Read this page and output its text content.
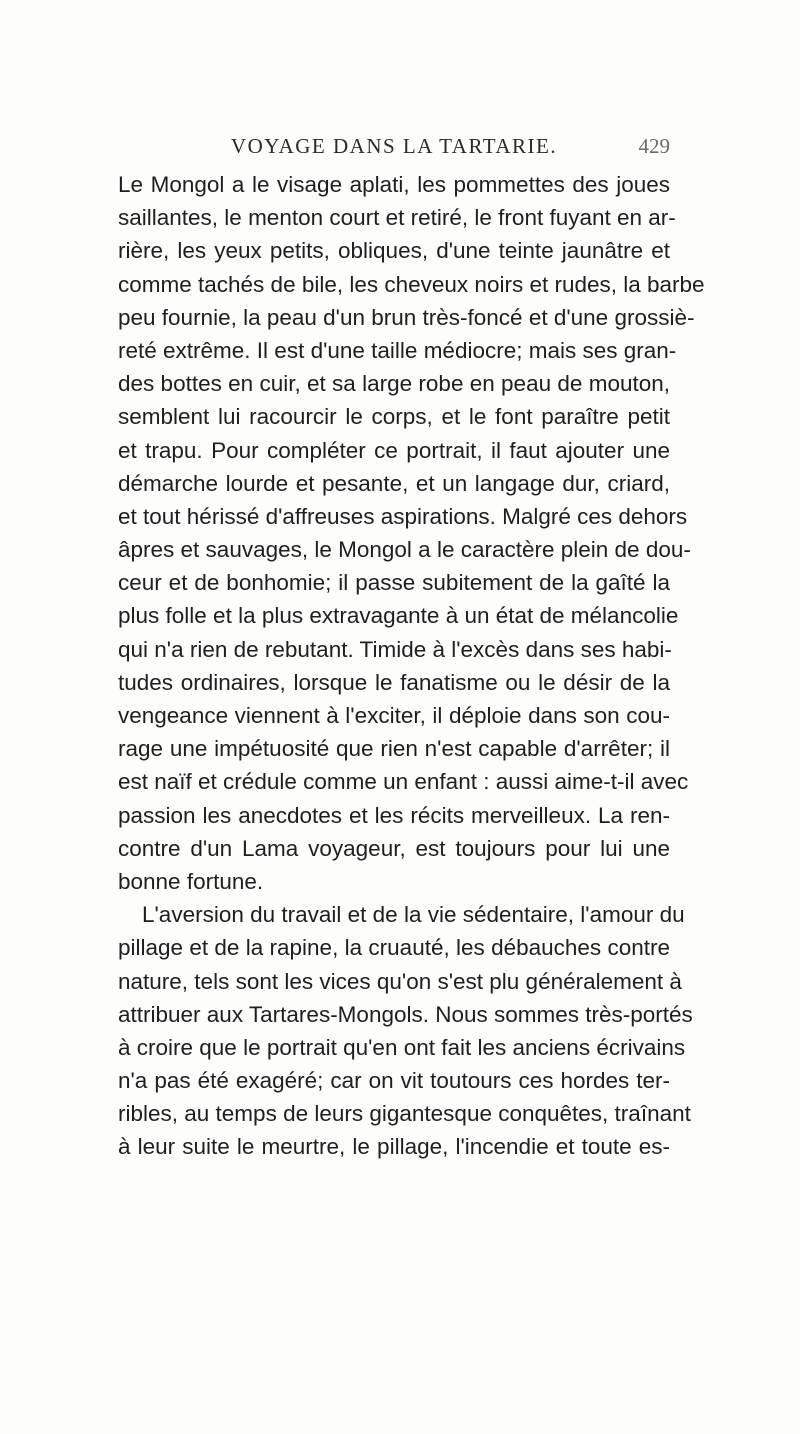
VOYAGE DANS LA TARTARIE.	429
Le Mongol a le visage aplati, les pommettes des joues
saillantes, le menton court et retiré, le front fuyant en ar-
rière, les yeux petits, obliques, d'une teinte jaunâtre et
comme tachés de bile, les cheveux noirs et rudes, la barbe
peu fournie, la peau d'un brun très-foncé et d'une grossiè-
reté extrême. Il est d'une taille médiocre; mais ses gran-
des bottes en cuir, et sa large robe en peau de mouton,
semblent lui racourcir le corps, et le font paraître petit
et trapu. Pour compléter ce portrait, il faut ajouter une
démarche lourde et pesante, et un langage dur, criard,
et tout hérissé d'affreuses aspirations. Malgré ces dehors
âpres et sauvages, le Mongol a le caractère plein de dou-
ceur et de bonhomie; il passe subitement de la gaîté la
plus folle et la plus extravagante à un état de mélancolie
qui n'a rien de rebutant. Timide à l'excès dans ses habi-
tudes ordinaires, lorsque le fanatisme ou le désir de la
vengeance viennent à l'exciter, il déploie dans son cou-
rage une impétuosité que rien n'est capable d'arrêter; il
est naïf et crédule comme un enfant : aussi aime-t-il avec
passion les anecdotes et les récits merveilleux. La ren-
contre d'un Lama voyageur, est toujours pour lui une
bonne fortune.
L'aversion du travail et de la vie sédentaire, l'amour du
pillage et de la rapine, la cruauté, les débauches contre
nature, tels sont les vices qu'on s'est plu généralement à
attribuer aux Tartares-Mongols. Nous sommes très-portés
à croire que le portrait qu'en ont fait les anciens écrivains
n'a pas été exagéré; car on vit toutours ces hordes ter-
ribles, au temps de leurs gigantesque conquêtes, traînant
à leur suite le meurtre, le pillage, l'incendie et toute es-
